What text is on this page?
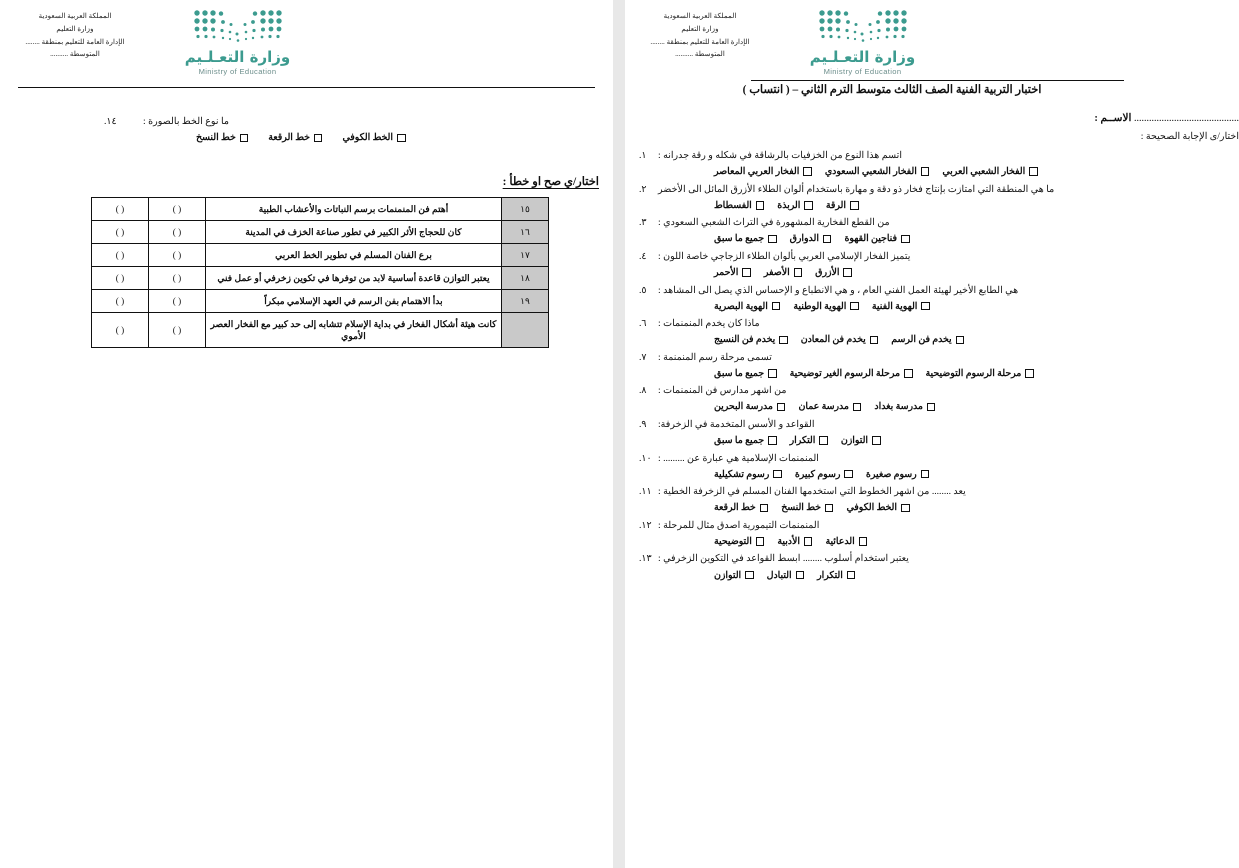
المملكة العربية السعودية
وزارة التعليم
الإدارة العامة للتعليم بمنطقة ........
المتوسطة ..........	وزارة التعـلـيم
Ministry of Education
اختبار التربية الفنية الصف الثالث متوسط الترم الثاني – ( انتساب )
.......................................... الاســم :
اختار/ى الإجابة الصحيحة :
اتسم هذا النوع من الخزفيات بالرشاقة في شكله و رقة جدرانه :
١.
الفخار الشعبي العربي
الفخار الشعبي السعودي
الفخار العربي المعاصر
ما هي المنطقة التي امتازت بإنتاج فخار ذو دقة و مهارة باستخدام ألوان الطلاء الأزرق المائل الى الأخضر
٢.
الرقة
الربذة
الفسطاط
من القطع الفخارية المشهورة في التراث الشعبي السعودي :
٣.
فناجين القهوة
الدوارق
جميع ما سبق
يتميز الفخار الإسلامي العربي بألوان الطلاء الزجاجي خاصة اللون :
٤.
الأزرق
الأصفر
الأحمر
هي الطابع الأخير لهيئة العمل الفني العام ، و هي الانطباع و الإحساس الذي يصل الى المشاهد :
٥.
الهوية الفنية
الهوية الوطنية
الهوية البصرية
ماذا كان يخدم المنمنمات :
٦.
يخدم فن الرسم
يخدم فن المعادن
يخدم فن النسيج
تسمى مرحلة رسم المنمنمة :
٧.
مرحلة الرسوم التوضيحية
مرحلة الرسوم الغير توضيحية
جميع ما سبق
من اشهر مدارس فن المنمنمات :
٨.
مدرسة بغداد
مدرسة عمان
مدرسة البحرين
القواعد و الأسس المتخدمة في الزخرفة:
٩.
التوازن
التكرار
جميع ما سبق
المنمنمات الإسلامية هي عبارة عن ......... :
١٠.
رسوم صغيرة
رسوم كبيرة
رسوم تشكيلية
يعد ........ من اشهر الخطوط التي استخدمها الفنان المسلم في الزخرفة الخطية :
١١.
الخط الكوفي
خط النسخ
خط الرقعة
المنمنمات التيمورية اصدق مثال للمرحلة :
١٢.
الدعائية
الأدبية
التوضيحية
يعتبر استخدام أسلوب ........ ابسط القواعد في التكوين الزخرفي :
١٣.
التكرار
التبادل
التوازن
المملكة العربية السعودية
وزارة التعليم
الإدارة العامة للتعليم بمنطقة ........
المتوسطة ..........	وزارة التعـلـيم
Ministry of Education
ما نوع الخط بالصورة :
١٤.
الخط الكوفي
خط الرقعة
خط النسخ
اختار/ي صح او خطأ :
١٥	أهتم فن المنمنمات برسم النباتات والأعشاب الطبية	( )	( )
١٦	كان للحجاج الأثر الكبير في تطور صناعة الخزف في المدينة	( )	( )
١٧	برع الفنان المسلم في تطوير الخط العربي	( )	( )
١٨	يعتبر التوازن قاعدة أساسية لابد من توفرها في تكوين زخرفي أو عمل فني	( )	( )
١٩	بدأ الاهتمام بفن الرسم في العهد الإسلامي مبكراً	( )	( )
	كانت هيئة أشكال الفخار في بداية الإسلام تتشابه إلى حد كبير مع الفخار العصر الأموي	( )	( )
